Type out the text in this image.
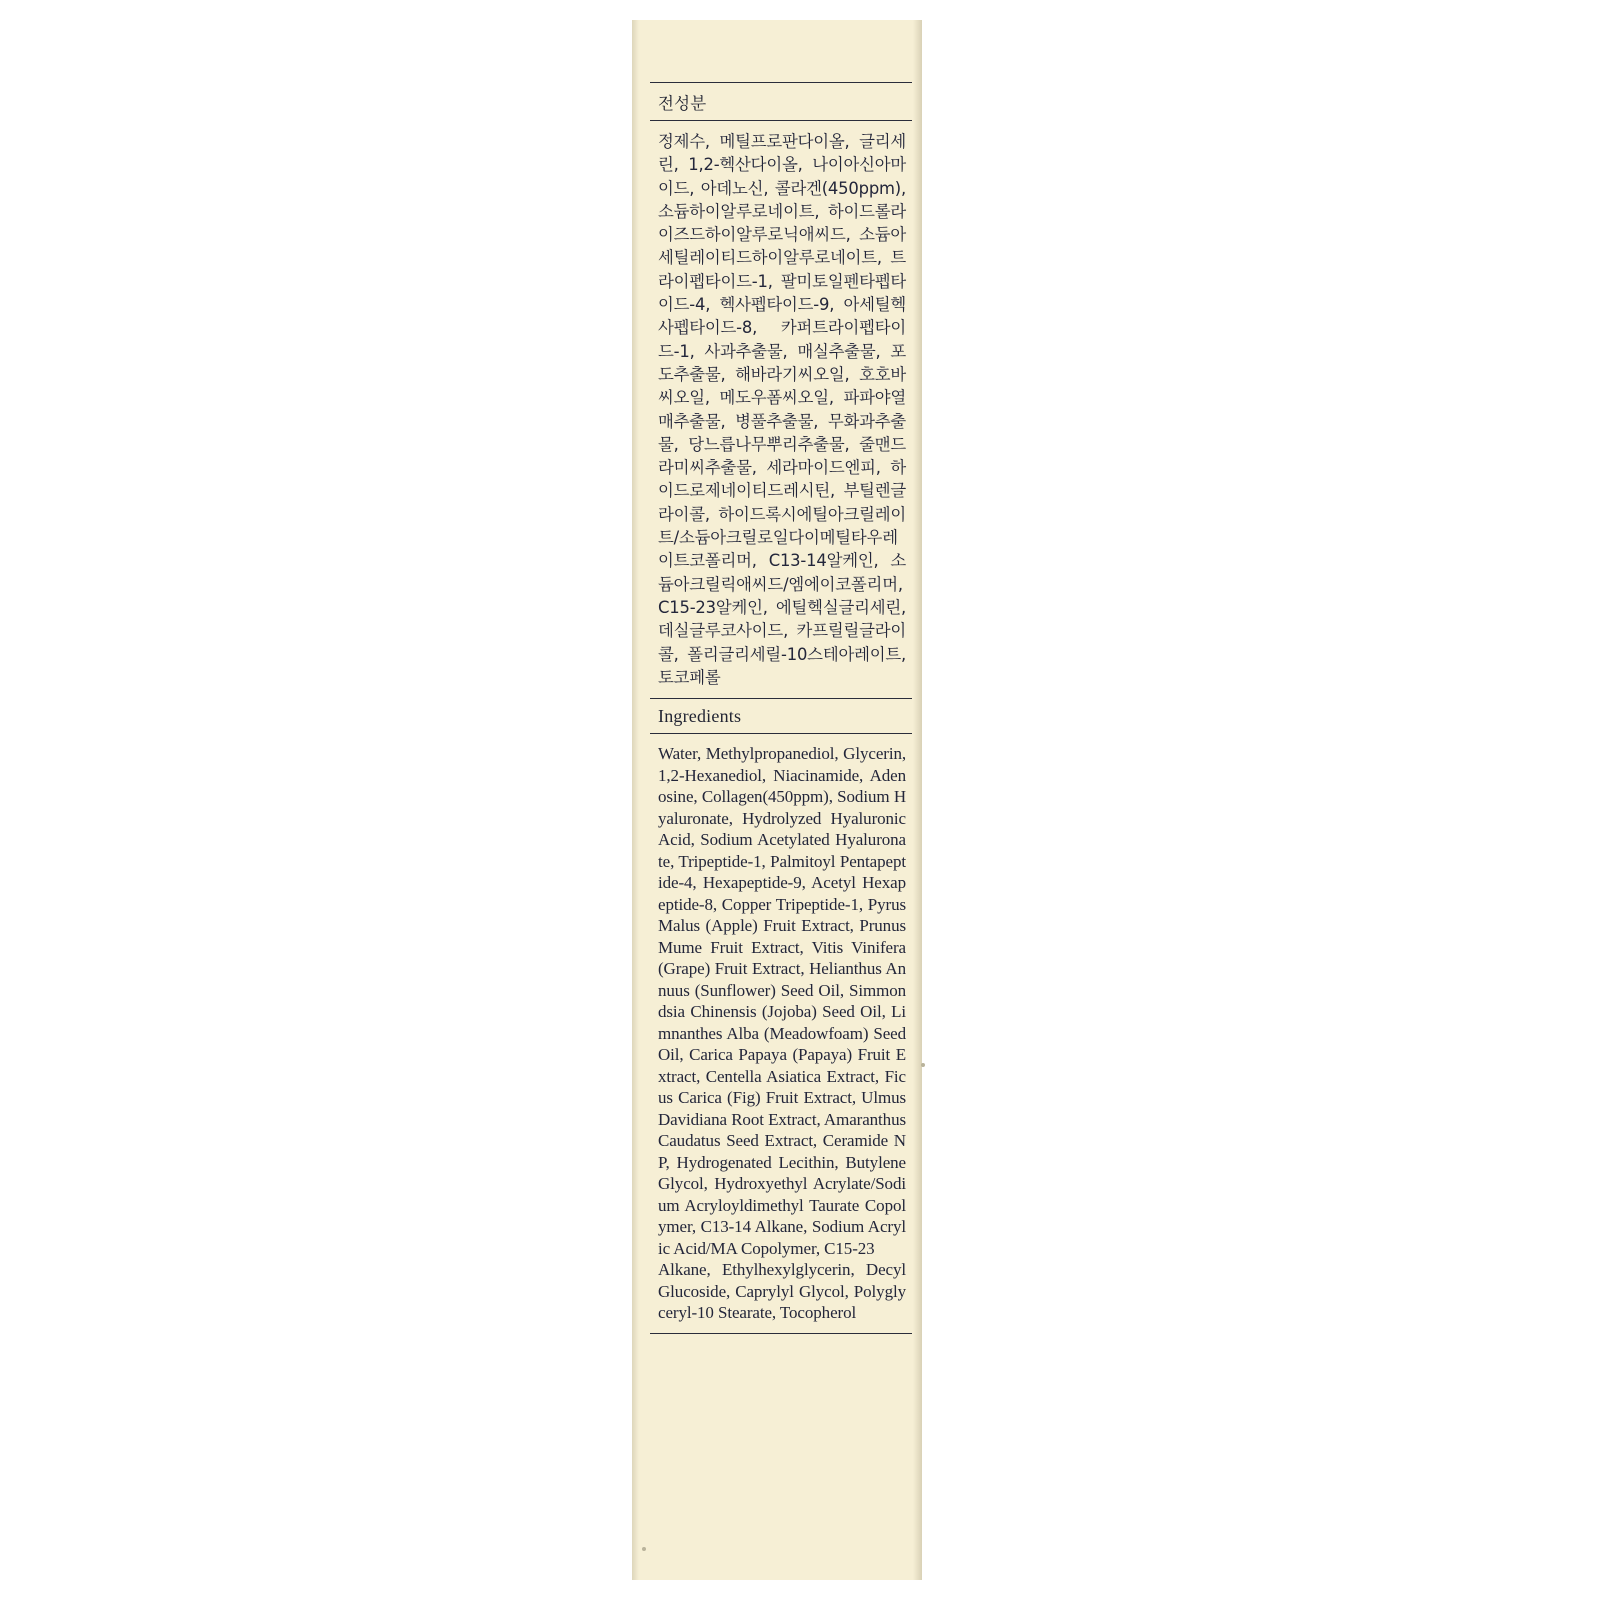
전성분
정제수, 메틸프로판다이올, 글리세린, 1,2-헥산다이올, 나이아신아마이드, 아데노신, 콜라겐(450ppm), 소듐하이알루로네이트, 하이드롤라이즈드하이알루로닉애씨드, 소듐아세틸레이티드하이알루로네이트, 트라이펩타이드-1, 팔미토일펜타펩타이드-4, 헥사펩타이드-9, 아세틸헥사펩타이드-8, 카퍼트라이펩타이드-1, 사과추출물, 매실추출물, 포도추출물, 해바라기씨오일, 호호바씨오일, 메도우폼씨오일, 파파야열매추출물, 병풀추출물, 무화과추출물, 당느릅나무뿌리추출물, 줄맨드라미씨추출물, 세라마이드엔피, 하이드로제네이티드레시틴, 부틸렌글라이콜, 하이드록시에틸아크릴레이트/소듐아크릴로일다이메틸타우레이트코폴리머, C13-14알케인, 소듐아크릴릭애씨드/엠에이코폴리머, C15-23알케인, 에틸헥실글리세린, 데실글루코사이드, 카프릴릴글라이콜, 폴리글리세릴-10스테아레이트, 토코페롤
Ingredients
Water, Methylpropanediol, Glycerin, 1,2-Hexanediol, Niacinamide, Adenosine, Collagen(450ppm), Sodium Hyaluronate, Hydrolyzed Hyaluronic Acid, Sodium Acetylated Hyaluronate, Tripeptide-1, Palmitoyl Pentapeptide-4, Hexapeptide-9, Acetyl Hexapeptide-8, Copper Tripeptide-1, Pyrus Malus (Apple) Fruit Extract, Prunus Mume Fruit Extract, Vitis Vinifera (Grape) Fruit Extract, Helianthus Annuus (Sunflower) Seed Oil, Simmondsia Chinensis (Jojoba) Seed Oil, Limnanthes Alba (Meadowfoam) Seed Oil, Carica Papaya (Papaya) Fruit Extract, Centella Asiatica Extract, Ficus Carica (Fig) Fruit Extract, Ulmus Davidiana Root Extract, Amaranthus Caudatus Seed Extract, Ceramide NP, Hydrogenated Lecithin, Butylene Glycol, Hydroxyethyl Acrylate/Sodium Acryloyldimethyl Taurate Copolymer, C13-14 Alkane, Sodium Acrylic Acid/MA Copolymer, C15-23
Alkane, Ethylhexylglycerin, Decyl Glucoside, Caprylyl Glycol, Polyglyceryl-10 Stearate, Tocopherol
